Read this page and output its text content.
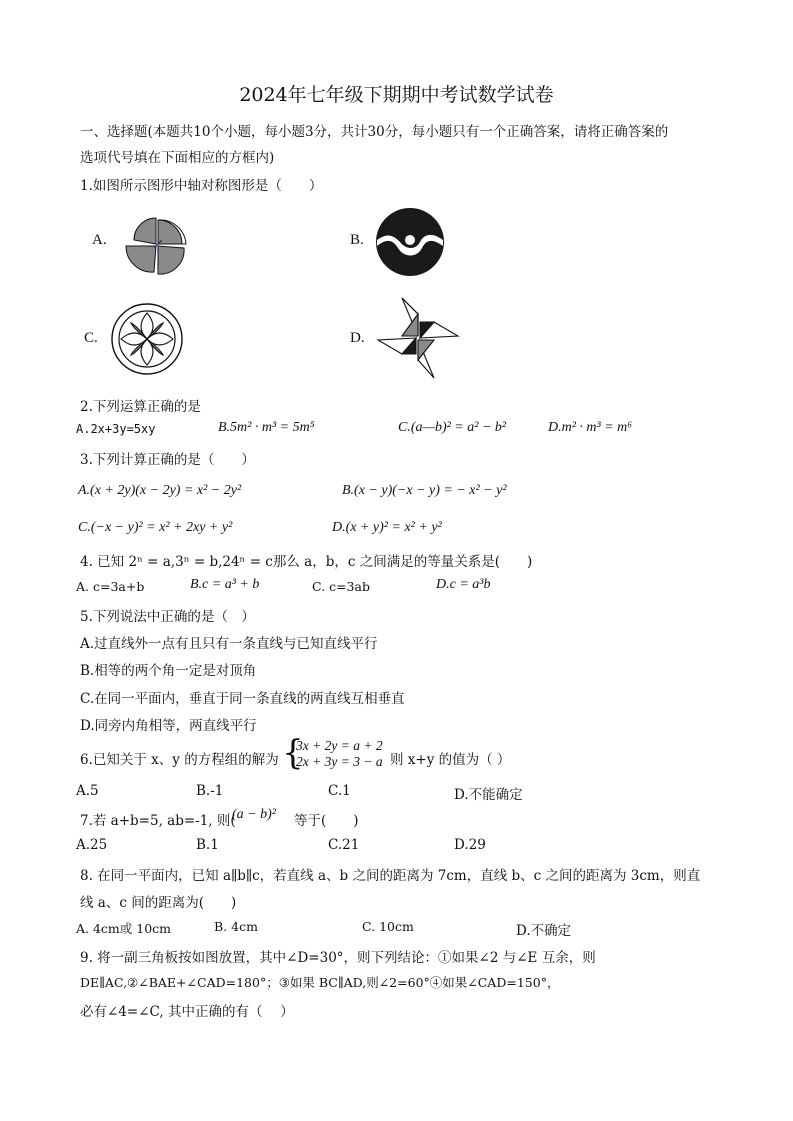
2024年七年级下期期中考试数学试卷
一、选择题(本题共10个小题，每小题3分，共计30分，每小题只有一个正确答案，请将正确答案的
选项代号填在下面相应的方框内)
1.如图所示图形中轴对称图形是（　　）
A.	B.
C.	D.
2.下列运算正确的是
A.2x+3y=5xy	B.5m² · m³ = 5m⁵	C.(a—b)² = a² − b²	D.m² · m³ = m⁶
3.下列计算正确的是（　　）
A.(x + 2y)(x − 2y) = x² − 2y²	B.(x − y)(−x − y) = − x² − y²
C.(−x − y)² = x² + 2xy + y²	D.(x + y)² = x² + y²
4. 已知 2ⁿ = a,3ⁿ = b,24ⁿ = c那么 a，b，c 之间满足的等量关系是(　　)
A. c=3a+b	B.c = a³ + b	C. c=3ab	D.c = a³b
5.下列说法中正确的是（　）
A.过直线外一点有且只有一条直线与已知直线平行
B.相等的两个角一定是对顶角
C.在同一平面内，垂直于同一条直线的两直线互相垂直
D.同旁内角相等，两直线平行
6.已知关于 x、y 的方程组的解为 {
3x + 2y = a + 2
2x + 3y = 3 − a 则 x+y 的值为（ ）
A.5	B.-1	C.1	D.不能确定
7.若 a+b=5, ab=-1, 则(
(a − b)² 等于(　　)
A.25	B.1	C.21	D.29
8. 在同一平面内，已知 a∥b∥c，若直线 a、b 之间的距离为 7cm，直线 b、c 之间的距离为 3cm，则直
线 a、c 间的距离为(　　)
A. 4cm或 10cm	B. 4cm	C. 10cm	D.不确定
9. 将一副三角板按如图放置，其中∠D=30°，则下列结论：①如果∠2 与∠E 互余，则
DE∥AC,②∠BAE+∠CAD=180°；③如果 BC∥AD,则∠2=60°④如果∠CAD=150°，
必有∠4=∠C, 其中正确的有（　 ）
